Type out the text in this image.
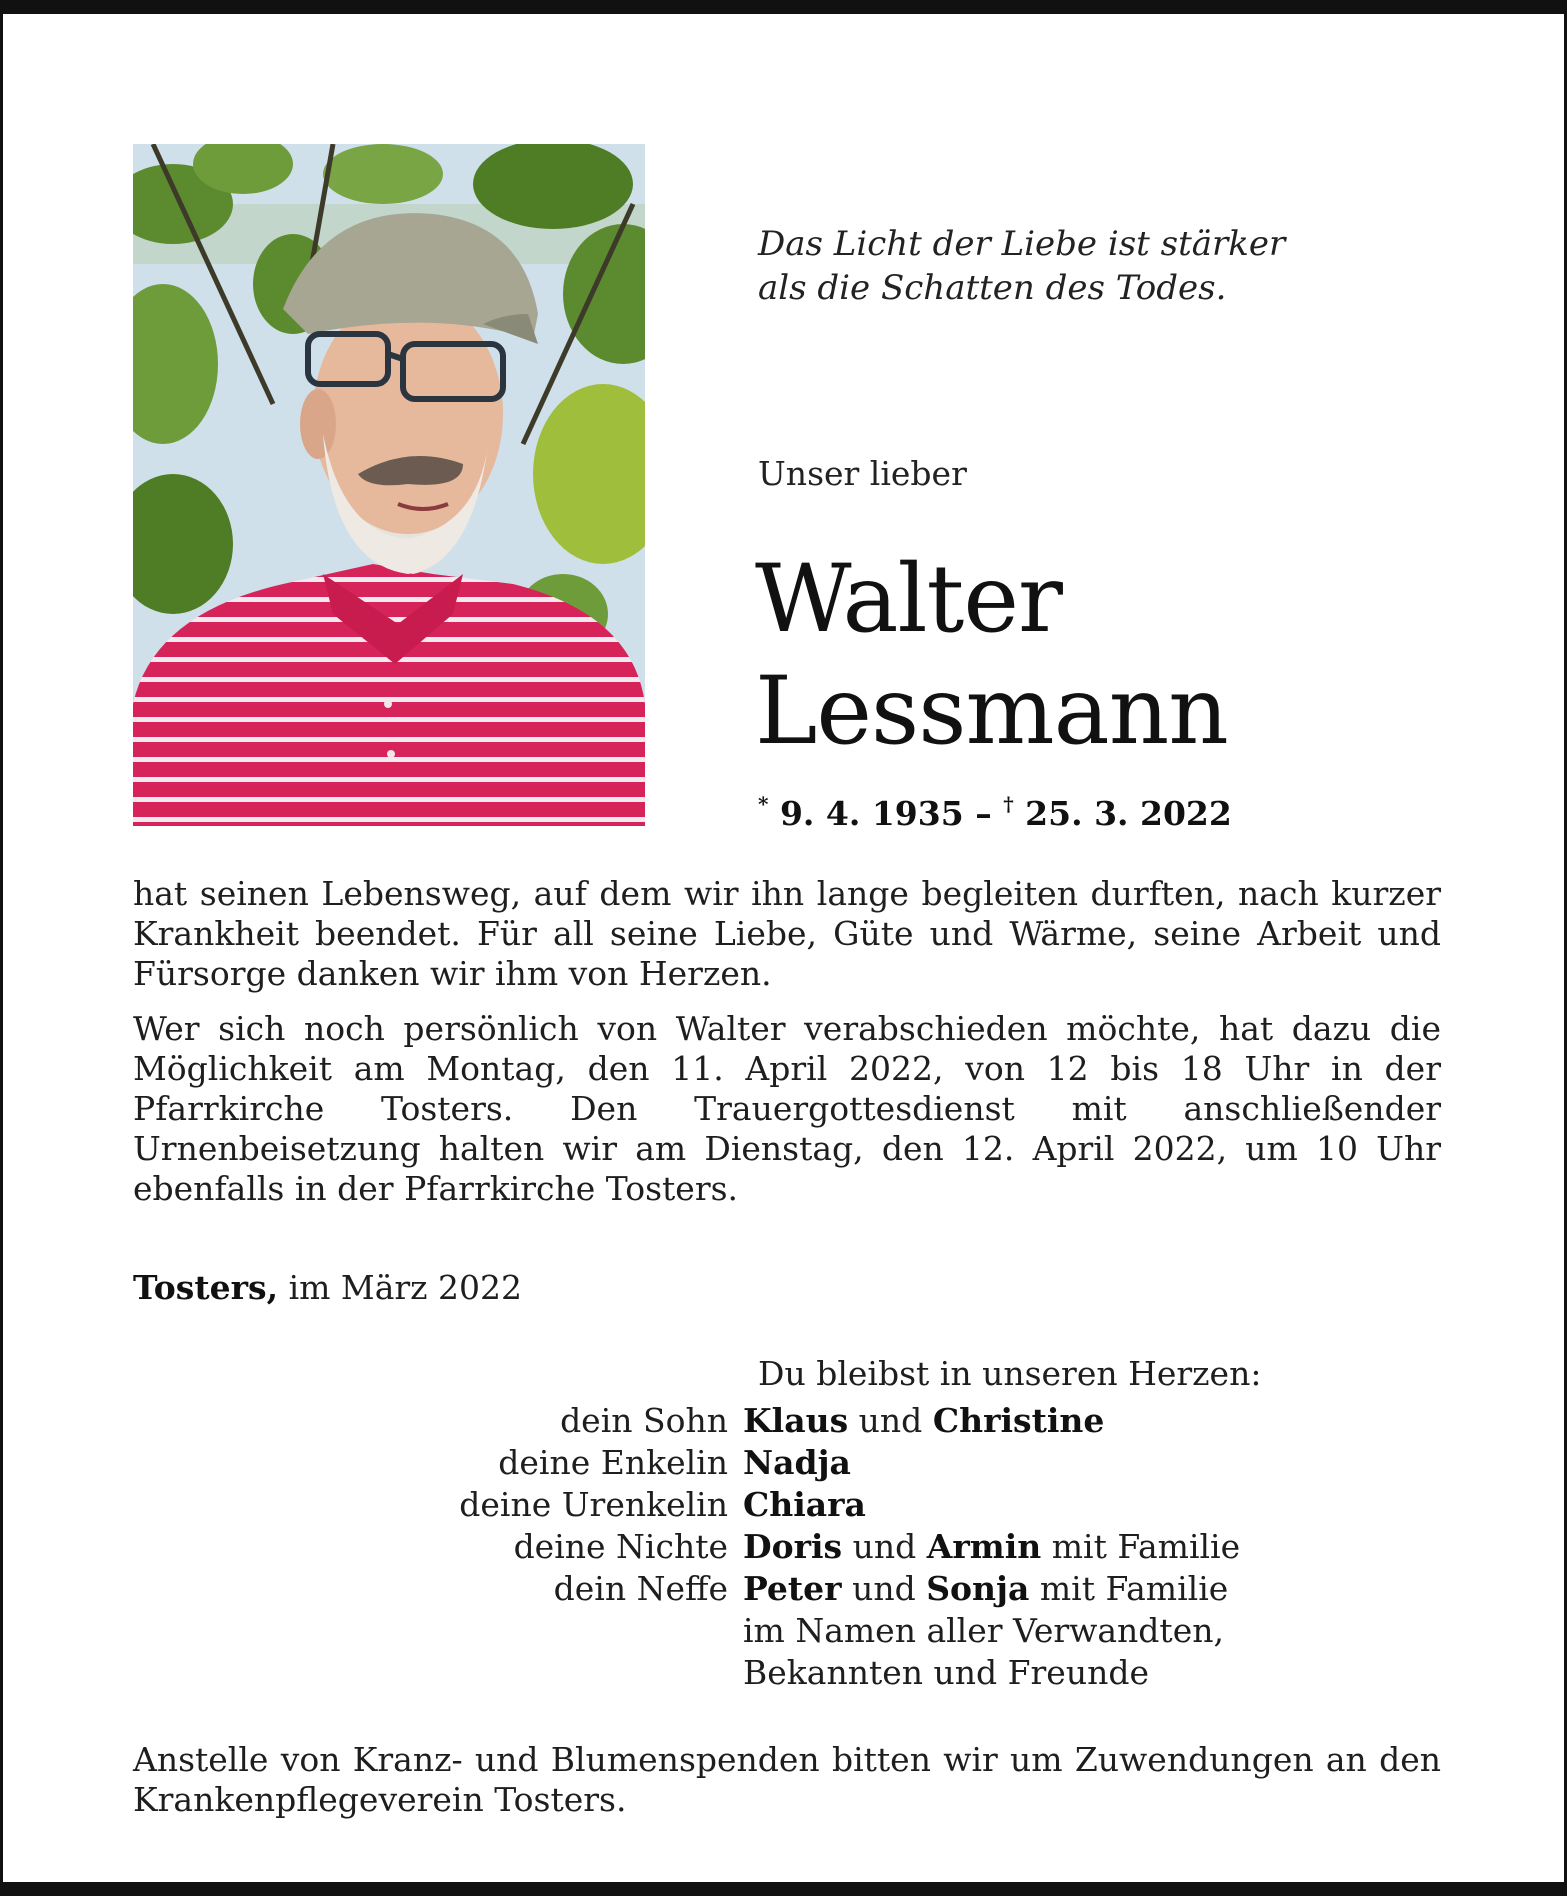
Das Licht der Liebe ist stärker
als die Schatten des Todes.
Unser lieber
Walter
Lessmann
* 9. 4. 1935 – † 25. 3. 2022
hat seinen Lebensweg, auf dem wir ihn lange begleiten durften, nach kurzer Krankheit beendet. Für all seine Liebe, Güte und Wärme, seine Arbeit und Fürsorge danken wir ihm von Herzen.
Wer sich noch persönlich von Walter verabschieden möchte, hat dazu die Möglichkeit am Montag, den 11. April 2022, von 12 bis 18 Uhr in der Pfarrkirche Tosters. Den Trauergottesdienst mit anschließender Urnenbeisetzung halten wir am Dienstag, den 12. April 2022, um 10 Uhr ebenfalls in der Pfarrkirche Tosters.
Tosters, im März 2022
Du bleibst in unseren Herzen:
dein Sohn Klaus und Christine
deine Enkelin Nadja
deine Urenkelin Chiara
deine Nichte Doris und Armin mit Familie
dein Neffe Peter und Sonja mit Familie
im Namen aller Verwandten,
Bekannten und Freunde
Anstelle von Kranz- und Blumenspenden bitten wir um Zuwendungen an den Krankenpflegeverein Tosters.
